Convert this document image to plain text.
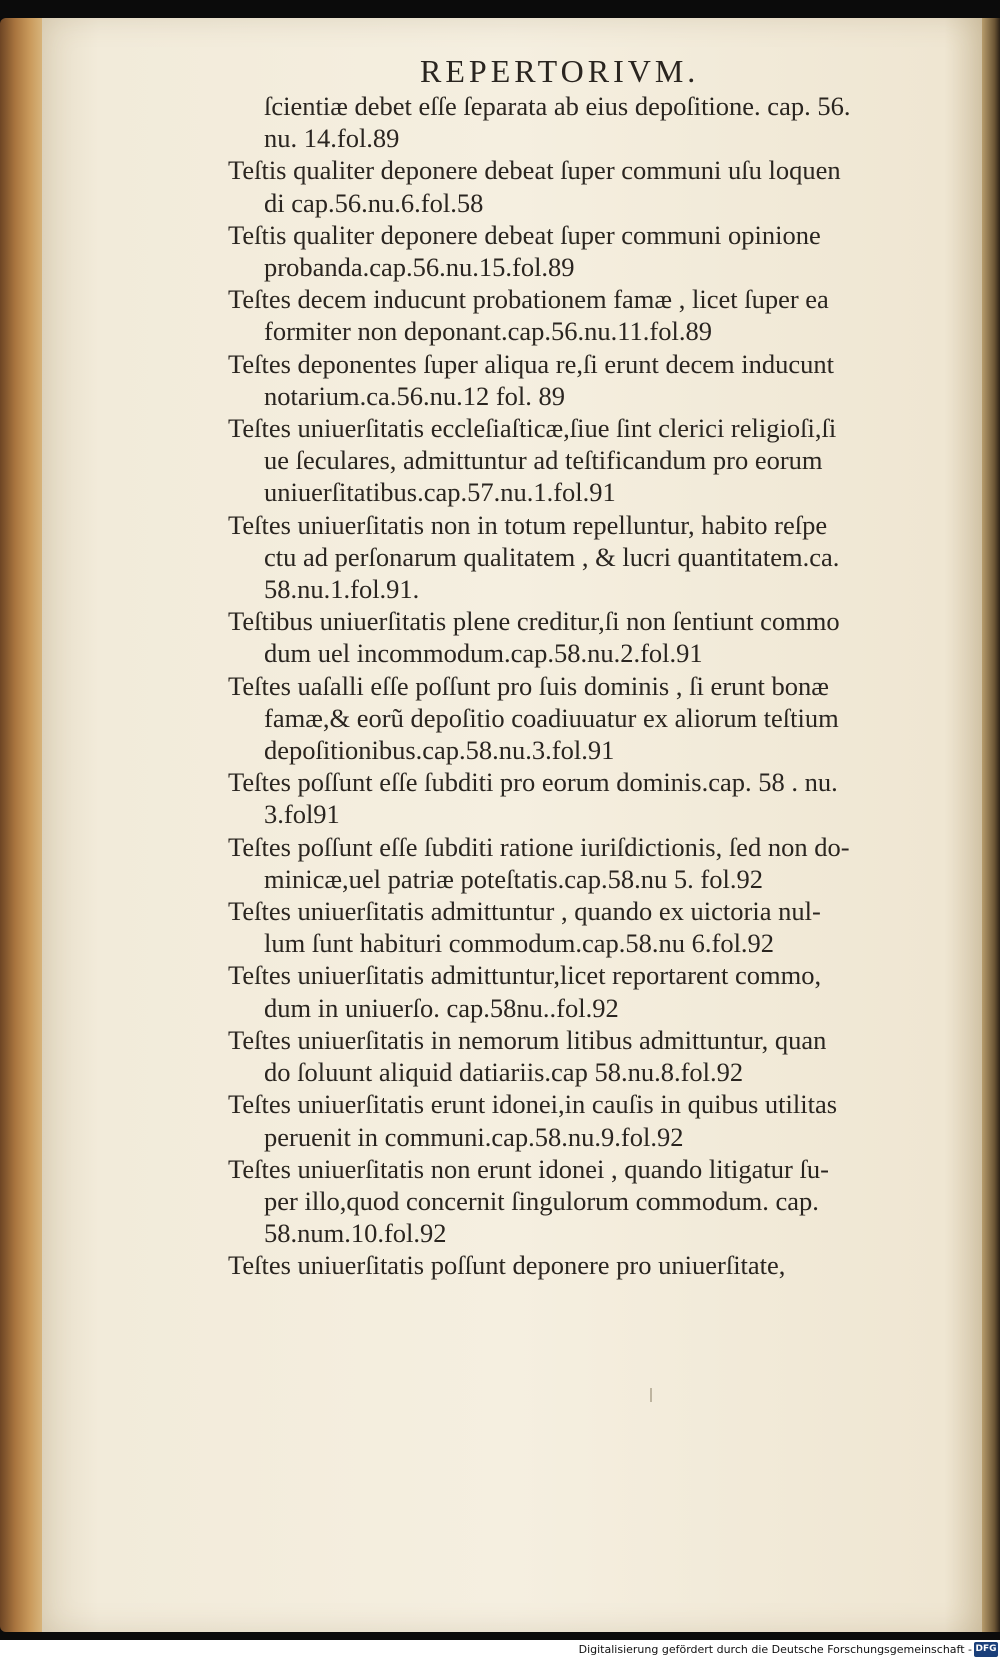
REPERTORIVM.
ſcientiæ debet eſſe ſeparata ab eius depoſitione. cap. 56.
nu. 14.fol.89
Teſtis qualiter deponere debeat ſuper communi uſu loquen
di cap.56.nu.6.fol.58
Teſtis qualiter deponere debeat ſuper communi opinione
probanda.cap.56.nu.15.fol.89
Teſtes decem inducunt probationem famæ , licet ſuper ea
formiter non deponant.cap.56.nu.11.fol.89
Teſtes deponentes ſuper aliqua re,ſi erunt decem inducunt
notarium.ca.56.nu.12 fol. 89
Teſtes uniuerſitatis eccleſiaſticæ,ſiue ſint clerici religioſi,ſi
ue ſeculares, admittuntur ad teſtificandum pro eorum
uniuerſitatibus.cap.57.nu.1.fol.91
Teſtes uniuerſitatis non in totum repelluntur, habito reſpe
ctu ad perſonarum qualitatem , & lucri quantitatem.ca.
58.nu.1.fol.91.
Teſtibus uniuerſitatis plene creditur,ſi non ſentiunt commo
dum uel incommodum.cap.58.nu.2.fol.91
Teſtes uaſalli eſſe poſſunt pro ſuis dominis , ſi erunt bonæ
famæ,& eorũ depoſitio coadiuuatur ex aliorum teſtium
depoſitionibus.cap.58.nu.3.fol.91
Teſtes poſſunt eſſe ſubditi pro eorum dominis.cap. 58 . nu.
3.fol91
Teſtes poſſunt eſſe ſubditi ratione iuriſdictionis, ſed non do-
minicæ,uel patriæ poteſtatis.cap.58.nu 5. fol.92
Teſtes uniuerſitatis admittuntur , quando ex uictoria nul-
lum ſunt habituri commodum.cap.58.nu 6.fol.92
Teſtes uniuerſitatis admittuntur,licet reportarent commo,
dum in uniuerſo. cap.58nu..fol.92
Teſtes uniuerſitatis in nemorum litibus admittuntur, quan
do ſoluunt aliquid datiariis.cap 58.nu.8.fol.92
Teſtes uniuerſitatis erunt idonei,in cauſis in quibus utilitas
peruenit in communi.cap.58.nu.9.fol.92
Teſtes uniuerſitatis non erunt idonei , quando litigatur ſu-
per illo,quod concernit ſingulorum commodum. cap.
58.num.10.fol.92
Teſtes uniuerſitatis poſſunt deponere pro uniuerſitate,
Digitalisierung gefördert durch die Deutsche Forschungsgemeinschaft - DFG
